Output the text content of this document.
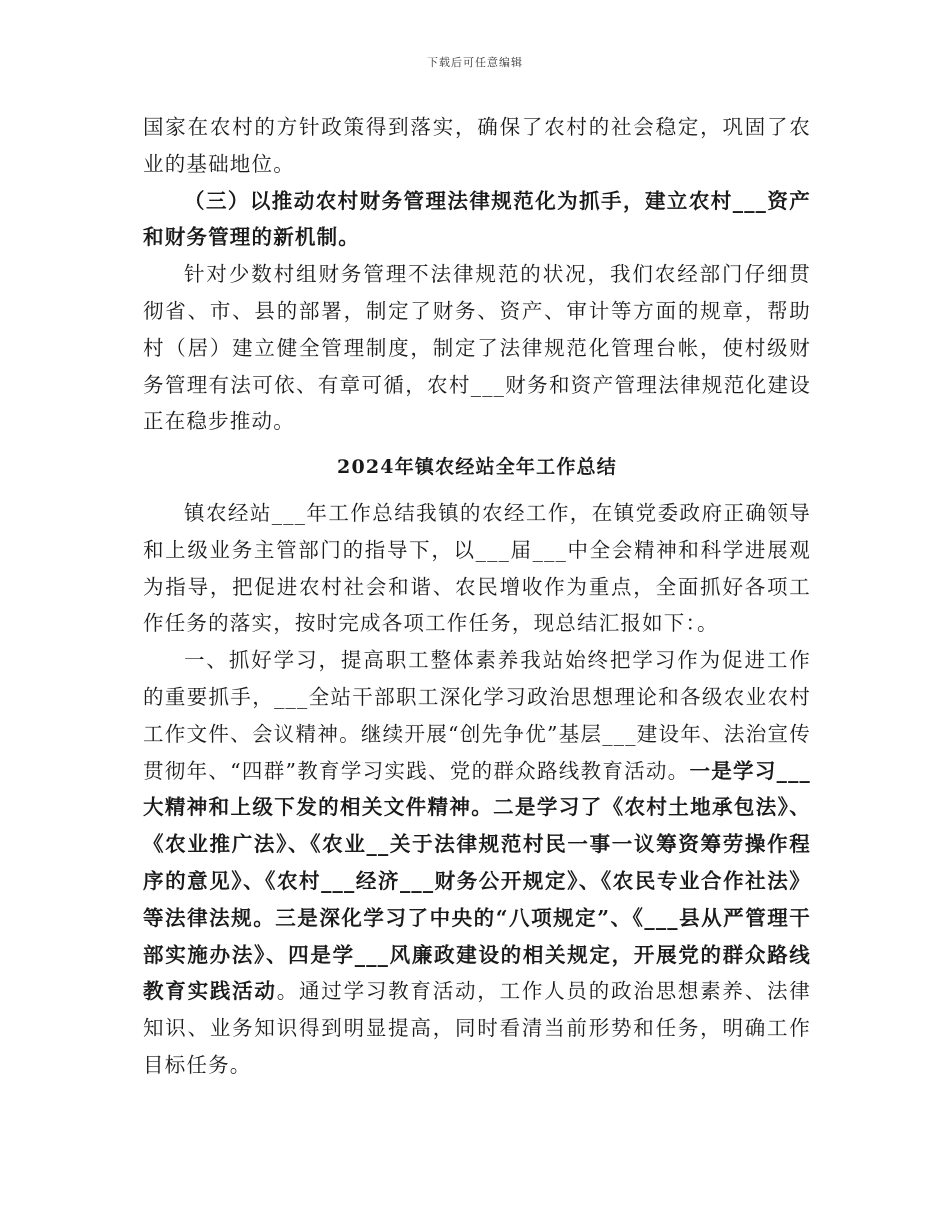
下载后可任意编辑

国家在农村的方针政策得到落实，确保了农村的社会稳定，巩固了农业的基础地位。

（三）以推动农村财务管理法律规范化为抓手，建立农村___资产和财务管理的新机制。

针对少数村组财务管理不法律规范的状况，我们农经部门仔细贯彻省、市、县的部署，制定了财务、资产、审计等方面的规章，帮助村（居）建立健全管理制度，制定了法律规范化管理台帐，使村级财务管理有法可依、有章可循，农村___财务和资产管理法律规范化建设正在稳步推动。

2024年镇农经站全年工作总结

镇农经站___年工作总结我镇的农经工作，在镇党委政府正确领导和上级业务主管部门的指导下，以___届___中全会精神和科学进展观为指导，把促进农村社会和谐、农民增收作为重点，全面抓好各项工作任务的落实，按时完成各项工作任务，现总结汇报如下：。

一、抓好学习，提高职工整体素养我站始终把学习作为促进工作的重要抓手，___全站干部职工深化学习政治思想理论和各级农业农村工作文件、会议精神。继续开展“创先争优”基层___建设年、法治宣传贯彻年、“四群”教育学习实践、党的群众路线教育活动。一是学习___大精神和上级下发的相关文件精神。二是学习了《农村土地承包法》、《农业推广法》、《农业__关于法律规范村民一事一议筹资筹劳操作程序的意见》、《农村___经济___财务公开规定》、《农民专业合作社法》等法律法规。三是深化学习了中央的“八项规定”、《___县从严管理干部实施办法》、四是学___风廉政建设的相关规定，开展党的群众路线教育实践活动。通过学习教育活动，工作人员的政治思想素养、法律知识、业务知识得到明显提高，同时看清当前形势和任务，明确工作目标任务。
